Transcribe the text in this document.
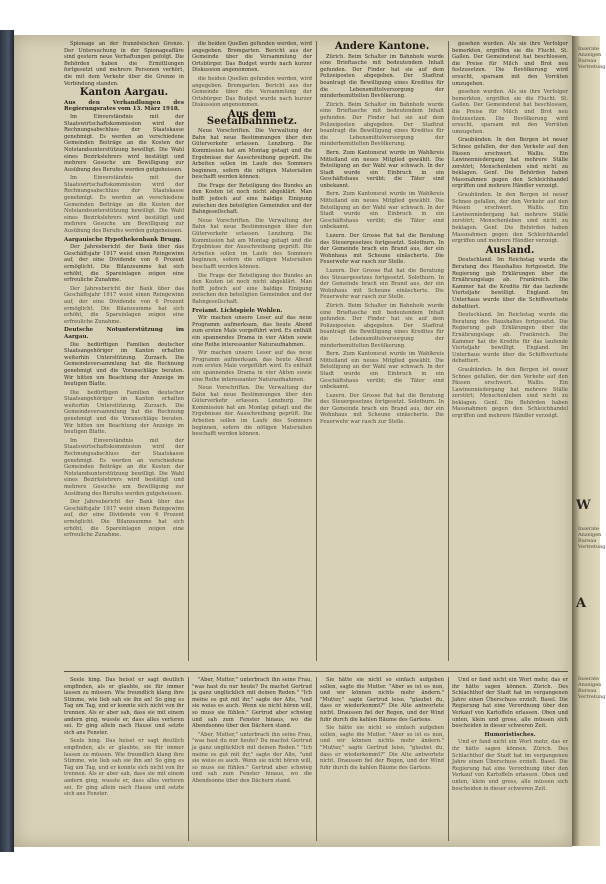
Spionage an der französischen Grenze. Der Untersuchung in der Spionageaffäre sind gestern neue Verhaftungen gefolgt. Die Behörden haben die Ermittlungen fortgesetzt und mehrere Personen verhört, die mit dem Verkehr über die Grenze in Verbindung standen.

Kanton Aargau.
Aus den Verhandlungen des Regierungsrates vom 13. März 1918.

Im Einverständnis mit der Staatswirtschaftskommission wird der Rechnungsabschluss der Staatskasse genehmigt. Es werden an verschiedene Gemeinden Beiträge an die Kosten der Notstandsunterstützung bewilligt. Die Wahl eines Bezirkslehrers wird bestätigt und mehrere Gesuche um Bewilligung zur Ausübung des Berufes werden gutgeheissen.

Im Einverständnis mit der Staatswirtschaftskommission wird der Rechnungsabschluss der Staatskasse genehmigt. Es werden an verschiedene Gemeinden Beiträge an die Kosten der Notstandsunterstützung bewilligt. Die Wahl eines Bezirkslehrers wird bestätigt und mehrere Gesuche um Bewilligung zur Ausübung des Berufes werden gutgeheissen.

Aargauische Hypothekenbank Brugg.

Der Jahresbericht der Bank über das Geschäftsjahr 1917 weist einen Reingewinn auf, der eine Dividende von 6 Prozent ermöglicht. Die Bilanzsumme hat sich erhöht, die Spareinlagen zeigen eine erfreuliche Zunahme.

Der Jahresbericht der Bank über das Geschäftsjahr 1917 weist einen Reingewinn auf, der eine Dividende von 6 Prozent ermöglicht. Die Bilanzsumme hat sich erhöht, die Spareinlagen zeigen eine erfreuliche Zunahme.

Deutsche Notunterstützung im Aargau.

Die bedürftigen Familien deutscher Staatsangehöriger im Kanton erhalten weiterhin Unterstützung. Zurzach. Die Gemeindeversammlung hat die Rechnung genehmigt und die Voranschläge beraten. Wir bitten um Beachtung der Anzeige im heutigen Blatte.

Die bedürftigen Familien deutscher Staatsangehöriger im Kanton erhalten weiterhin Unterstützung. Zurzach. Die Gemeindeversammlung hat die Rechnung genehmigt und die Voranschläge beraten. Wir bitten um Beachtung der Anzeige im heutigen Blatte.

Im Einverständnis mit der Staatswirtschaftskommission wird der Rechnungsabschluss der Staatskasse genehmigt. Es werden an verschiedene Gemeinden Beiträge an die Kosten der Notstandsunterstützung bewilligt. Die Wahl eines Bezirkslehrers wird bestätigt und mehrere Gesuche um Bewilligung zur Ausübung des Berufes werden gutgeheissen.

Der Jahresbericht der Bank über das Geschäftsjahr 1917 weist einen Reingewinn auf, der eine Dividende von 6 Prozent ermöglicht. Die Bilanzsumme hat sich erhöht, die Spareinlagen zeigen eine erfreuliche Zunahme.

die beiden Quellen gefunden werden, wird angegeben. Bremgarten. Bericht aus der Gemeinde über die Versammlung der Ortsbürger. Das Budget wurde nach kurzer Diskussion angenommen.

die beiden Quellen gefunden werden, wird angegeben. Bremgarten. Bericht aus der Gemeinde über die Versammlung der Ortsbürger. Das Budget wurde nach kurzer Diskussion angenommen.

Aus dem Seetalbahnnetz.

Neue Vorschriften. Die Verwaltung der Bahn hat neue Bestimmungen über den Güterverkehr erlassen. Lenzburg. Die Kommission hat am Montag getagt und die Ergebnisse der Ausschreibung geprüft. Die Arbeiten sollen im Laufe des Sommers beginnen, sofern die nötigen Materialien beschafft werden können.

Die Frage der Beteiligung des Bundes an den Kosten ist noch nicht abgeklärt. Man hofft jedoch auf eine baldige Einigung zwischen den beteiligten Gemeinden und der Bahngesellschaft.

Neue Vorschriften. Die Verwaltung der Bahn hat neue Bestimmungen über den Güterverkehr erlassen. Lenzburg. Die Kommission hat am Montag getagt und die Ergebnisse der Ausschreibung geprüft. Die Arbeiten sollen im Laufe des Sommers beginnen, sofern die nötigen Materialien beschafft werden können.

Die Frage der Beteiligung des Bundes an den Kosten ist noch nicht abgeklärt. Man hofft jedoch auf eine baldige Einigung zwischen den beteiligten Gemeinden und der Bahngesellschaft.

Freiamt. Lichtspiele Wohlen.

Wir machen unsere Leser auf das neue Programm aufmerksam, das heute Abend zum ersten Male vorgeführt wird. Es enthält ein spannendes Drama in vier Akten sowie eine Reihe interessanter Naturaufnahmen.

Wir machen unsere Leser auf das neue Programm aufmerksam, das heute Abend zum ersten Male vorgeführt wird. Es enthält ein spannendes Drama in vier Akten sowie eine Reihe interessanter Naturaufnahmen.

Neue Vorschriften. Die Verwaltung der Bahn hat neue Bestimmungen über den Güterverkehr erlassen. Lenzburg. Die Kommission hat am Montag getagt und die Ergebnisse der Ausschreibung geprüft. Die Arbeiten sollen im Laufe des Sommers beginnen, sofern die nötigen Materialien beschafft werden können.

Andere Kantone.

Zürich. Beim Schalter im Bahnhofe wurde eine Brieftasche mit bedeutendem Inhalt gefunden. Der Finder hat sie auf dem Polizeiposten abgegeben. Der Stadtrat beantragt die Bewilligung eines Kredites für die Lebensmittelversorgung der minderbemittelten Bevölkerung.

Zürich. Beim Schalter im Bahnhofe wurde eine Brieftasche mit bedeutendem Inhalt gefunden. Der Finder hat sie auf dem Polizeiposten abgegeben. Der Stadtrat beantragt die Bewilligung eines Kredites für die Lebensmittelversorgung der minderbemittelten Bevölkerung.

Bern. Zum Kantonsrat wurde im Wahlkreis Mittelland ein neues Mitglied gewählt. Die Beteiligung an der Wahl war schwach. In der Stadt wurde ein Einbruch in ein Geschäftshaus verübt; die Täter sind unbekannt.

Bern. Zum Kantonsrat wurde im Wahlkreis Mittelland ein neues Mitglied gewählt. Die Beteiligung an der Wahl war schwach. In der Stadt wurde ein Einbruch in ein Geschäftshaus verübt; die Täter sind unbekannt.

Luzern. Der Grosse Rat hat die Beratung des Steuergesetzes fortgesetzt. Solothurn. In der Gemeinde brach ein Brand aus, der ein Wohnhaus mit Scheune einäscherte. Die Feuerwehr war rasch zur Stelle.

Luzern. Der Grosse Rat hat die Beratung des Steuergesetzes fortgesetzt. Solothurn. In der Gemeinde brach ein Brand aus, der ein Wohnhaus mit Scheune einäscherte. Die Feuerwehr war rasch zur Stelle.

Zürich. Beim Schalter im Bahnhofe wurde eine Brieftasche mit bedeutendem Inhalt gefunden. Der Finder hat sie auf dem Polizeiposten abgegeben. Der Stadtrat beantragt die Bewilligung eines Kredites für die Lebensmittelversorgung der minderbemittelten Bevölkerung.

Bern. Zum Kantonsrat wurde im Wahlkreis Mittelland ein neues Mitglied gewählt. Die Beteiligung an der Wahl war schwach. In der Stadt wurde ein Einbruch in ein Geschäftshaus verübt; die Täter sind unbekannt.

Luzern. Der Grosse Rat hat die Beratung des Steuergesetzes fortgesetzt. Solothurn. In der Gemeinde brach ein Brand aus, der ein Wohnhaus mit Scheune einäscherte. Die Feuerwehr war rasch zur Stelle.

gesehen wurden. Als sie ihre Verfolger bemerkten, ergriffen sie die Flucht. St. Gallen. Der Gemeinderat hat beschlossen, die Preise für Milch und Brot neu festzusetzen. Die Bevölkerung wird ersucht, sparsam mit den Vorräten umzugehen.

gesehen wurden. Als sie ihre Verfolger bemerkten, ergriffen sie die Flucht. St. Gallen. Der Gemeinderat hat beschlossen, die Preise für Milch und Brot neu festzusetzen. Die Bevölkerung wird ersucht, sparsam mit den Vorräten umzugehen.

Graubünden. In den Bergen ist neuer Schnee gefallen, der den Verkehr auf den Pässen erschwert. Wallis. Ein Lawinenniedergang hat mehrere Ställe zerstört; Menschenleben sind nicht zu beklagen. Genf. Die Behörden haben Massnahmen gegen den Schleichhandel ergriffen und mehrere Händler verzeigt.

Graubünden. In den Bergen ist neuer Schnee gefallen, der den Verkehr auf den Pässen erschwert. Wallis. Ein Lawinenniedergang hat mehrere Ställe zerstört; Menschenleben sind nicht zu beklagen. Genf. Die Behörden haben Massnahmen gegen den Schleichhandel ergriffen und mehrere Händler verzeigt.

Ausland.

Deutschland. Im Reichstag wurde die Beratung des Haushaltes fortgesetzt. Die Regierung gab Erklärungen über die Ernährungslage ab. Frankreich. Die Kammer hat die Kredite für das laufende Vierteljahr bewilligt. England. Im Unterhaus wurde über die Schiffsverluste debattiert.

Deutschland. Im Reichstag wurde die Beratung des Haushaltes fortgesetzt. Die Regierung gab Erklärungen über die Ernährungslage ab. Frankreich. Die Kammer hat die Kredite für das laufende Vierteljahr bewilligt. England. Im Unterhaus wurde über die Schiffsverluste debattiert.

Graubünden. In den Bergen ist neuer Schnee gefallen, der den Verkehr auf den Pässen erschwert. Wallis. Ein Lawinenniedergang hat mehrere Ställe zerstört; Menschenleben sind nicht zu beklagen. Genf. Die Behörden haben Massnahmen gegen den Schleichhandel ergriffen und mehrere Händler verzeigt.

Seele hing. Das heisst er sagt deutlich empfinden, als er glaubte, sie für immer lassen zu müssen. Wie freundlich klang ihre Stimme, wie lieb sah sie ihn an! So ging es Tag um Tag, und er konnte sich nicht von ihr trennen. Als er aber sah, dass sie mit einem andern ging, wusste er, dass alles verloren sei. Er ging allein nach Hause und setzte sich ans Fenster.

Seele hing. Das heisst er sagt deutlich empfinden, als er glaubte, sie für immer lassen zu müssen. Wie freundlich klang ihre Stimme, wie lieb sah sie ihn an! So ging es Tag um Tag, und er konnte sich nicht von ihr trennen. Als er aber sah, dass sie mit einem andern ging, wusste er, dass alles verloren sei. Er ging allein nach Hause und setzte sich ans Fenster.

"Aber, Mutter," unterbrach ihn seine Frau, "was hast du nur heute? Du machst Gertrud ja ganz unglücklich mit deinen Reden." "Ich meine es gut mit ihr," sagte der Alte, "und sie weiss es auch. Wenn sie nicht hören will, so muss sie fühlen." Gertrud aber schwieg und sah zum Fenster hinaus, wo die Abendsonne über den Dächern stand.

"Aber, Mutter," unterbrach ihn seine Frau, "was hast du nur heute? Du machst Gertrud ja ganz unglücklich mit deinen Reden." "Ich meine es gut mit ihr," sagte der Alte, "und sie weiss es auch. Wenn sie nicht hören will, so muss sie fühlen." Gertrud aber schwieg und sah zum Fenster hinaus, wo die Abendsonne über den Dächern stand.

Sie hätte sie nicht so einfach aufgeben sollen, sagte die Mutter. "Aber so ist es nun, und wir können nichts mehr ändern." "Mutter," sagte Gertrud leise, "glaubst du, dass er wiederkommt?" Die Alte antwortete nicht. Draussen fiel der Regen, und der Wind fuhr durch die kahlen Bäume des Gartens.

Sie hätte sie nicht so einfach aufgeben sollen, sagte die Mutter. "Aber so ist es nun, und wir können nichts mehr ändern." "Mutter," sagte Gertrud leise, "glaubst du, dass er wiederkommt?" Die Alte antwortete nicht. Draussen fiel der Regen, und der Wind fuhr durch die kahlen Bäume des Gartens.

Und er fand nicht ein Wort mehr, das er ihr hätte sagen können. Zürich. Des Schlachthof der Stadt hat im vergangenen Jahre einen Überschuss erzielt. Basel. Die Regierung hat eine Verordnung über den Verkauf von Kartoffeln erlassen. Oben und unten, klein und gross, alle müssen sich bescheiden in dieser schweren Zeit.

Humoristisches.

Und er fand nicht ein Wort mehr, das er ihr hätte sagen können. Zürich. Des Schlachthof der Stadt hat im vergangenen Jahre einen Überschuss erzielt. Basel. Die Regierung hat eine Verordnung über den Verkauf von Kartoffeln erlassen. Oben und unten, klein und gross, alle müssen sich bescheiden in dieser schweren Zeit.

Inserate Anzeigen Bureau Vertretung
W
Inserate Anzeigen Bureau Vertretung
A
Inserate Anzeigen Bureau Vertretung
